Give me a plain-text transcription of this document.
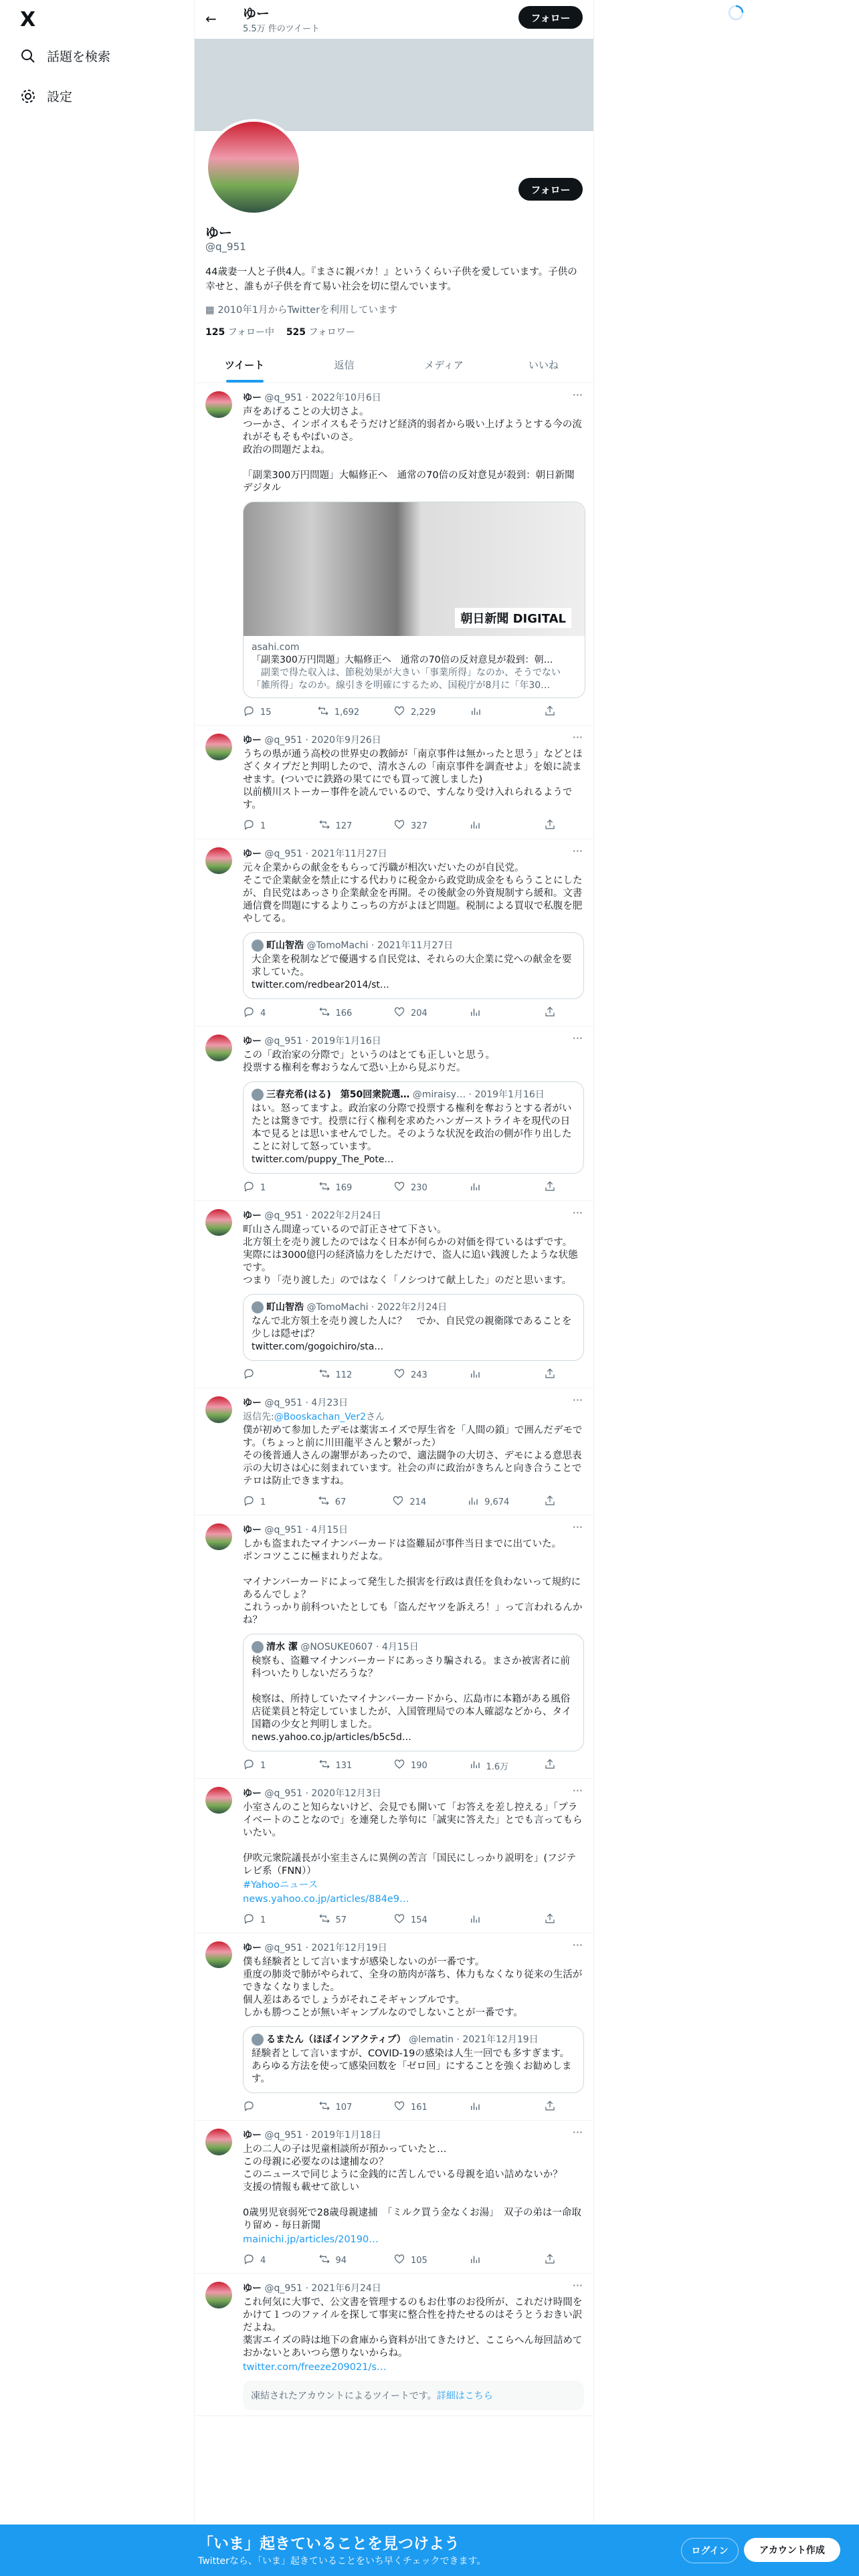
X
話題を検索
設定
← ゆー
5.5万 件のツイート
フォロー
フォロー
ゆー
@q_951
44歳妻一人と子供4人。『まさに親バカ！』というくらい子供を愛しています。子供の幸せと、誰もが子供を育て易い社会を切に望んでいます。
▦ 2010年1月からTwitterを利用しています
125 フォロー中 525 フォロワー
ツイート	返信	メディア	いいね
···
ゆー @q_951 · 2022年10月6日
声をあげることの大切さよ。
つーかさ、インボイスもそうだけど経済的弱者から吸い上げようとする今の流れがそもそもやばいのさ。
政治の問題だよね。

「副業300万円問題」大幅修正へ　通常の70倍の反対意見が殺到：朝日新聞デジタル
朝日新聞 DIGITAL
asahi.com
「副業300万円問題」大幅修正へ　通常の70倍の反対意見が殺到：朝…
　副業で得た収入は、節税効果が大きい「事業所得」なのか、そうでない「雑所得」なのか。線引きを明確にするため、国税庁が8月に「年30…
15	1,692	2,229
···
ゆー @q_951 · 2020年9月26日
うちの県が通う高校の世界史の教師が「南京事件は無かったと思う」などとほざくタイプだと判明したので、清水さんの「南京事件を調査せよ」を娘に読ませます。(ついでに鉄路の果てにでも買って渡しました)
以前横川ストーカー事件を読んでいるので、すんなり受け入れられるようです。
1	127	327
···
ゆー @q_951 · 2021年11月27日
元々企業からの献金をもらって汚職が相次いだいたのが自民党。
そこで企業献金を禁止にする代わりに税金から政党助成金をもらうことにしたが、自民党はあっさり企業献金を再開。その後献金の外資規制すら緩和。文書通信費を問題にするよりこっちの方がよほど問題。税制による買収で私腹を肥やしてる。
町山智浩 @TomoMachi · 2021年11月27日
大企業を税制などで優遇する自民党は、それらの大企業に党への献金を要求していた。
twitter.com/redbear2014/st…
4	166	204
···
ゆー @q_951 · 2019年1月16日
この「政治家の分際で」というのはとても正しいと思う。
投票する権利を奪おうなんて恐い上から見ぶりだ。
三春充希(はる)　第50回衆院選… @miraisy… · 2019年1月16日
はい。怒ってますよ。政治家の分際で投票する権利を奪おうとする者がいたとは驚きです。投票に行く権利を求めたハンガーストライキを現代の日本で見るとは思いませんでした。そのような状況を政治の側が作り出したことに対して怒っています。
twitter.com/puppy_The_Pote…
1	169	230
···
ゆー @q_951 · 2022年2月24日
町山さん間違っているので訂正させて下さい。
北方領土を売り渡したのではなく日本が何らかの対価を得ているはずです。
実際には3000億円の経済協力をしただけで、盗人に追い銭渡したような状態です。
つまり「売り渡した」のではなく「ノシつけて献上した」のだと思います。
町山智浩 @TomoMachi · 2022年2月24日
なんで北方領土を売り渡した人に？　でか、自民党の親衛隊であることを少しは隠せば？
twitter.com/gogoichiro/sta…
112	243
···
ゆー @q_951 · 4月23日
返信先:@Booskachan_Ver2さん
僕が初めて参加したデモは薬害エイズで厚生省を「人間の鎖」で囲んだデモです。（ちょっと前に川田龍平さんと繋がった）
その後普通人さんの謝罪があったので、適法闘争の大切さ、デモによる意思表示の大切さは心に刻まれています。社会の声に政治がきちんと向き合うことでテロは防止できますね。
1	67	214	9,674
···
ゆー @q_951 · 4月15日
しかも盗まれたマイナンバーカードは盗難届が事件当日までに出ていた。
ポンコツここに極まれりだよな。

マイナンバーカードによって発生した損害を行政は責任を負わないって規約にあるんでしょ？
これうっかり前科ついたとしても「盗んだヤツを訴えろ！」って言われるんかね？
清水 潔 @NOSUKE0607 · 4月15日
検察も、盗難マイナンバーカードにあっさり騙される。まさか被害者に前科ついたりしないだろうな？

検察は、所持していたマイナンバーカードから、広島市に本籍がある風俗店従業員と特定していましたが、入国管理局での本人確認などから、タイ国籍の少女と判明しました。
news.yahoo.co.jp/articles/b5c5d…
1	131	190	1.6万
···
ゆー @q_951 · 2020年12月3日
小室さんのこと知らないけど、会見でも開いて「お答えを差し控える」「プライベートのことなので」を連発した挙句に「誠実に答えた」とでも言ってもらいたい。

伊吹元衆院議長が小室圭さんに異例の苦言「国民にしっかり説明を」(フジテレビ系（FNN））
#Yahooニュース
news.yahoo.co.jp/articles/884e9…
1	57	154
···
ゆー @q_951 · 2021年12月19日
僕も経験者として言いますが感染しないのが一番です。
重度の肺炎で肺がやられて、全身の筋肉が落ち、体力もなくなり従来の生活ができなくなりました。
個人差はあるでしょうがそれこそギャンブルです。
しかも勝つことが無いギャンブルなのでしないことが一番です。
るまたん（ほぼインアクティブ） @lematin · 2021年12月19日
経験者として言いますが、COVID-19の感染は人生一回でも多すぎます。あらゆる方法を使って感染回数を「ゼロ回」にすることを強くお勧めします。
107	161
···
ゆー @q_951 · 2019年1月18日
上の二人の子は児童相談所が預かっていたと…
この母親に必要なのは逮捕なの？
このニュースで同じように金銭的に苦しんでいる母親を追い詰めないか？
支援の情報も載せて欲しい

0歳男児衰弱死で28歳母親逮捕　「ミルク買う金なくお湯」　双子の弟は一命取り留め - 毎日新聞
mainichi.jp/articles/20190…
4	94	105
···
ゆー @q_951 · 2021年6月24日
これ何気に大事で、公文書を管理するのもお仕事のお役所が、これだけ時間をかけて１つのファイルを探して事実に整合性を持たせるのはそうとうおきい訳だよね。
薬害エイズの時は地下の倉庫から資料が出てきたけど、ここらへん毎回詰めておかないとあいつら懲りないからね。
twitter.com/freeze209021/s…
凍結されたアカウントによるツイートです。詳細はこちら
「いま」起きていることを見つけよう
Twitterなら、「いま」起きていることをいち早くチェックできます。
ログイン	アカウント作成
